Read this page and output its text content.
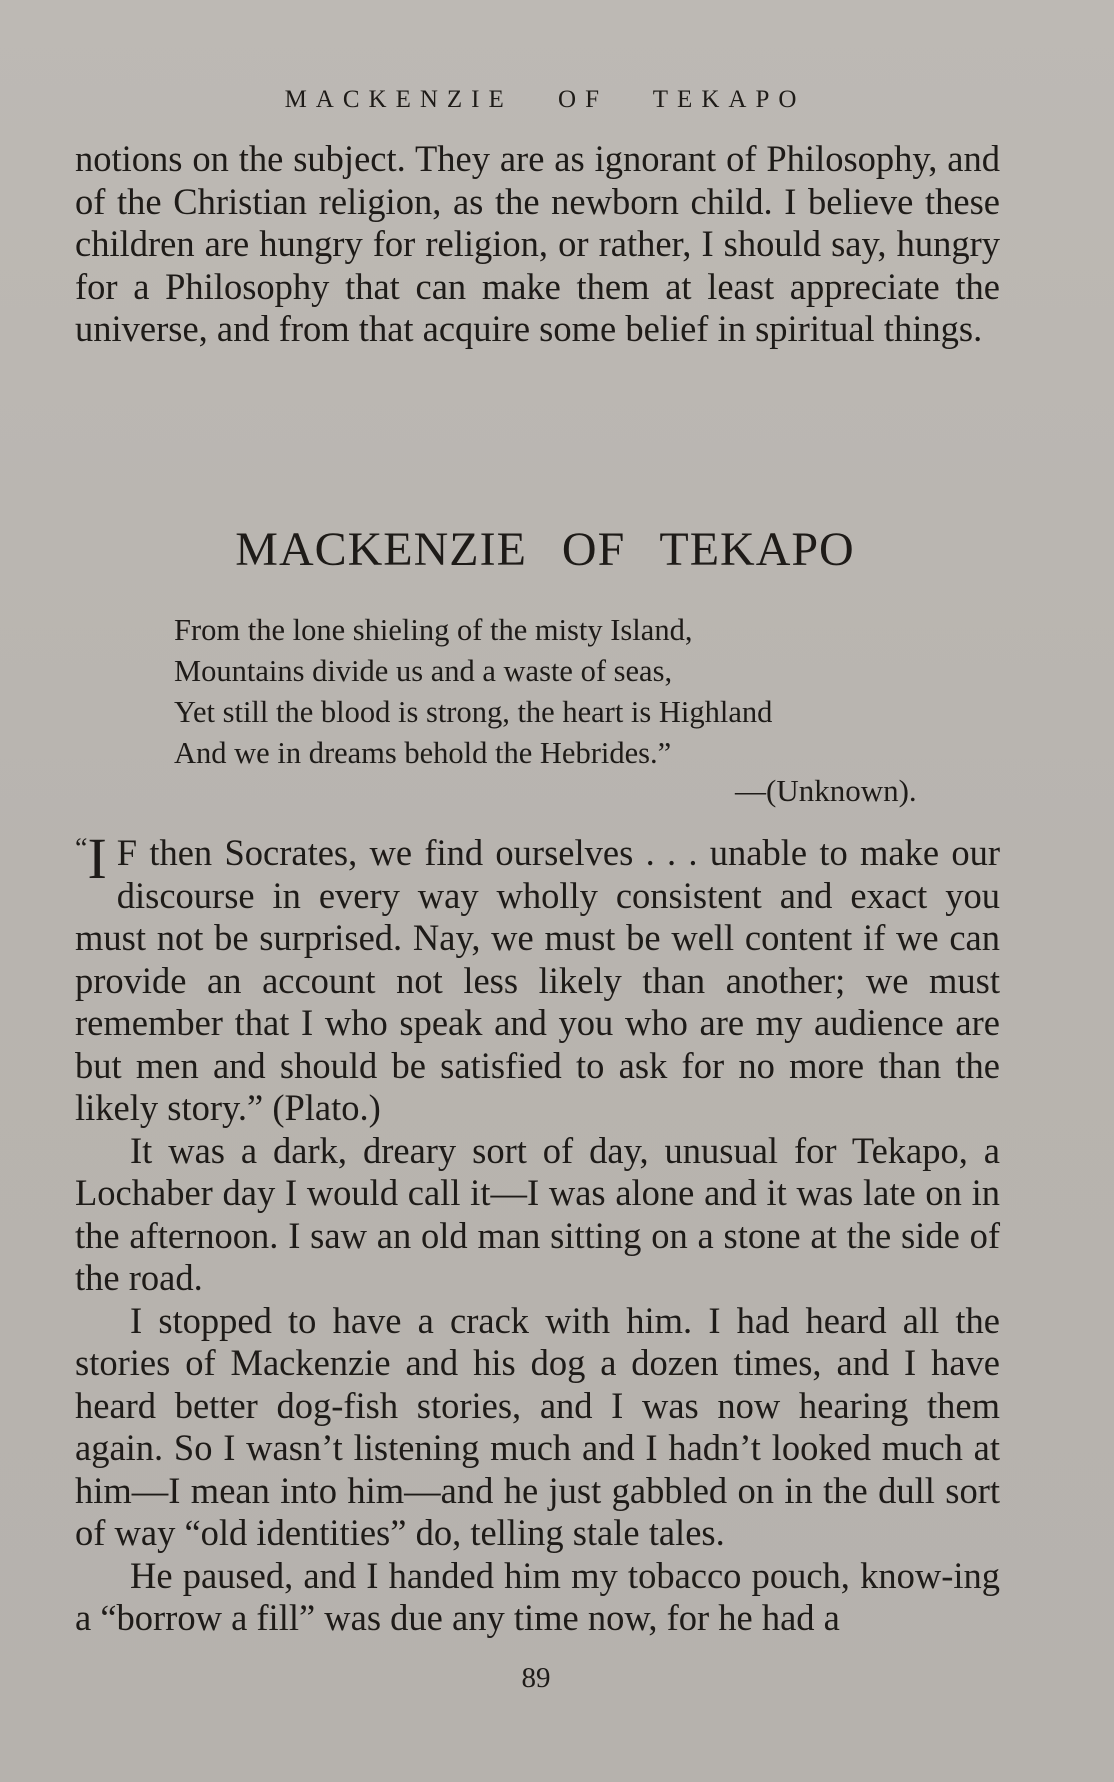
MACKENZIE OF TEKAPO

notions on the subject. They are as ignorant of Philosophy, and of the Christian religion, as the newborn child. I believe these children are hungry for religion, or rather, I should say, hungry for a Philosophy that can make them at least appreciate the universe, and from that acquire some belief in spiritual things.

MACKENZIE OF TEKAPO
From the lone shieling of the misty Island,
Mountains divide us and a waste of seas,
Yet still the blood is strong, the heart is Highland
And we in dreams behold the Hebrides.”
—(Unknown).

“I F then Socrates, we find ourselves . . . unable to make our discourse in every way wholly consistent and exact you must not be surprised. Nay, we must be well content if we can provide an account not less likely than another; we must remember that I who speak and you who are my audience are but men and should be satisfied to ask for no more than the likely story.” (Plato.)

It was a dark, dreary sort of day, unusual for Tekapo, a Lochaber day I would call it—I was alone and it was late on in the afternoon. I saw an old man sitting on a stone at the side of the road.

I stopped to have a crack with him. I had heard all the stories of Mackenzie and his dog a dozen times, and I have heard better dog-fish stories, and I was now hearing them again. So I wasn’t listening much and I hadn’t looked much at him—I mean into him—and he just gabbled on in the dull sort of way “old identities” do, telling stale tales.

He paused, and I handed him my tobacco pouch, know-ing a “borrow a fill” was due any time now, for he had a

89
